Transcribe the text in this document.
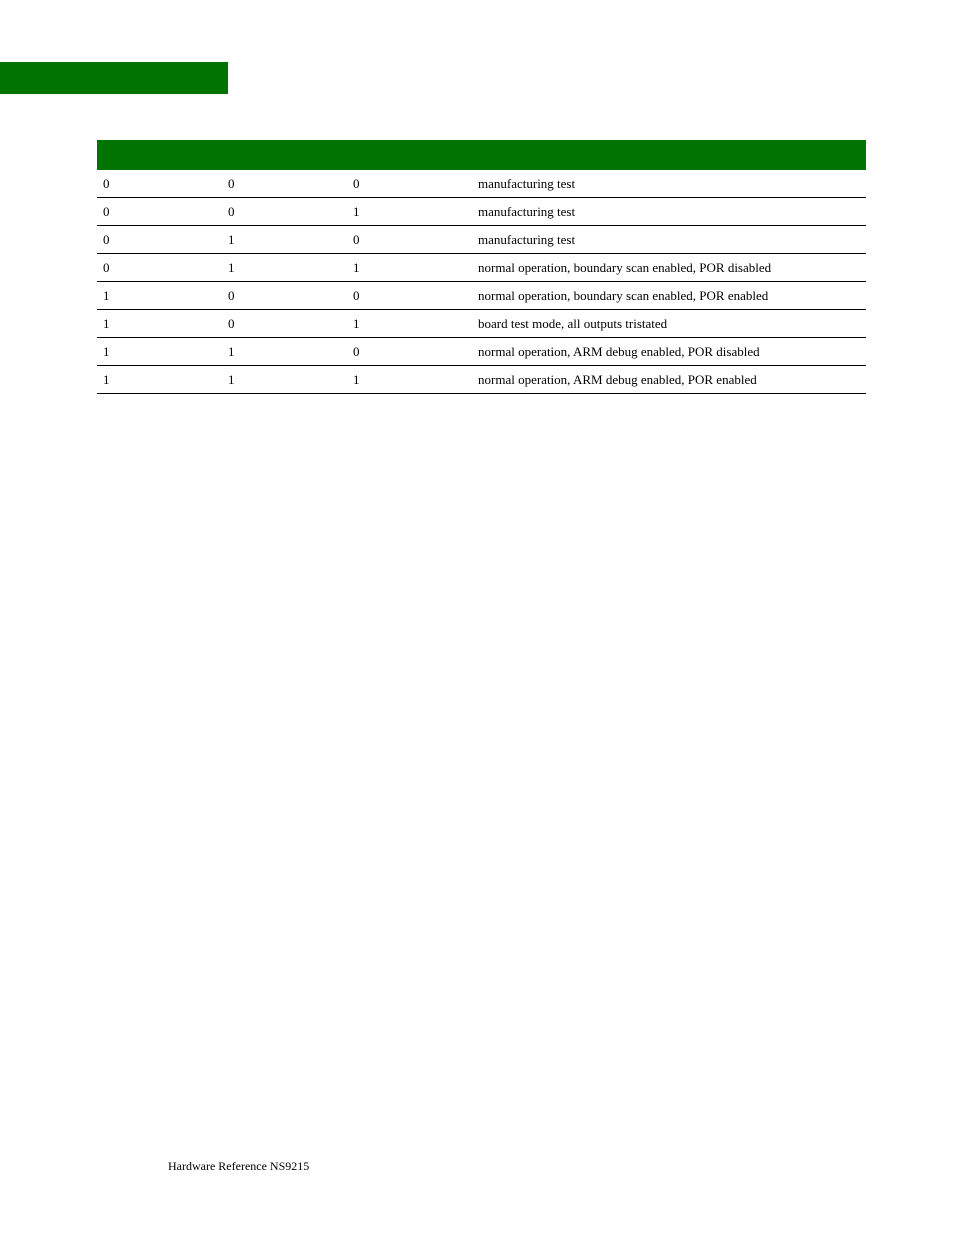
0	0	0	manufacturing test
0	0	1	manufacturing test
0	1	0	manufacturing test
0	1	1	normal operation, boundary scan enabled, POR disabled
1	0	0	normal operation, boundary scan enabled, POR enabled
1	0	1	board test mode, all outputs tristated
1	1	0	normal operation, ARM debug enabled, POR disabled
1	1	1	normal operation, ARM debug enabled, POR enabled
Hardware Reference NS9215
